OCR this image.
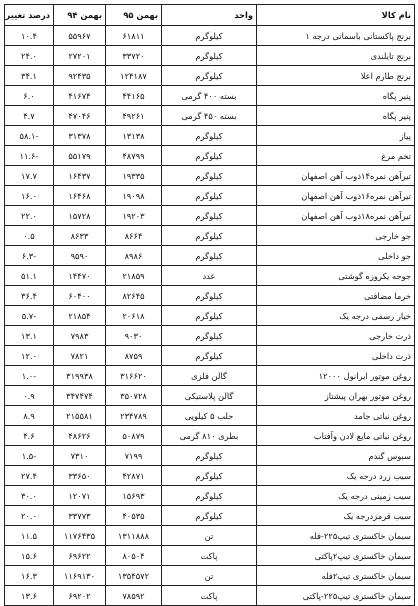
نام کالا	واحد	بهمن ۹۵	بهمن ۹۴	درصد تغییر
برنج پاکستانی باسماتی درجه ۱	کیلوگرم	۶۱۸۱۱	۵۵۹۶۷	۱۰.۴
برنج تایلندی	کیلوگرم	۳۳۷۲۰	۲۷۲۰۱	۲۴.۰
برنج طارم اعلا	کیلوگرم	۱۲۴۱۸۷	۹۲۴۳۵	۳۴.۱
پنیر پگاه	بسته ۴۰۰ گرمی	۴۴۱۶۵	۴۱۶۷۴	۶.۰
پنیر پگاه	بسته ۴۵۰ گرمی	۴۹۲۶۱	۴۷۰۴۶	۴.۷
پیاز	کیلوگرم	۱۳۱۳۸	۳۱۳۷۸	-۵۸.۱
تخم مرغ	کیلوگرم	۴۸۷۹۹	۵۵۱۷۹	-۱۱.۶
تیرآهن نمره۱۴ذوب آهن اصفهان	کیلوگرم	۱۹۳۳۵	۱۶۴۳۷	۱۷.۷
تیرآهن نمره۱۶ذوب آهن اصفهان	کیلوگرم	۱۹۰۹۸	۱۶۴۶۸	۱۶.۰
تیرآهن نمره۱۸ذوب آهن اصفهان	کیلوگرم	۱۹۲۰۳	۱۵۷۲۸	۲۲.۰
جو خارجی	کیلوگرم	۸۶۶۴	۸۶۳۳	۰.۵
جو داخلی	کیلوگرم	۸۹۸۶	۹۵۹۰	-۶.۳
جوجه یکروزه گوشتی	عدد	۲۱۸۵۹	۱۴۴۷۰	۵۱.۱
خرما مضافتی	کیلوگرم	۸۲۶۴۵	۶۰۴۰۰	۳۶.۴
خیار رسمی درجه یک	کیلوگرم	۲۰۶۱۸	۲۱۸۵۴	-۵.۷
ذرت خارجی	کیلوگرم	۹۰۳۰	۷۹۸۳	۱۳.۱
ذرت داخلی	کیلوگرم	۸۷۵۹	۷۸۲۱	۱۲.۰
روغن موتور ایرانول ۱۲۰۰۰	گالن فلزی	۳۱۶۶۲۰	۳۱۹۹۳۸	-۱.۰
روغن موتور بهران پیشتاز	گالن پلاستیکی	۳۵۰۷۲۸	۳۴۷۴۷۴	۰.۹
روغن نباتی جامد	حلب ۵ کیلویی	۲۳۴۷۸۹	۲۱۵۵۸۱	۸.۹
روغن نباتی مایع لادن وآفتاب	بطری ۸۱۰ گرمی	۵۰۸۷۹	۴۸۶۲۶	۴.۶
سبوس گندم	کیلوگرم	۷۱۹۹	۷۳۱۰	-۱.۵
سیب زرد درجه یک	کیلوگرم	۴۲۸۷۱	۳۳۶۵۰	۲۷.۴
سیب زمینی درجه یک	کیلوگرم	۱۵۶۹۳	۱۲۰۷۱	۳۰.۰
سیب قرمزدرجه یک	کیلوگرم	۴۰۵۳۵	۳۳۷۷۳	۲۰.۰
سیمان خاکستری تیپ۲۲۵-فله	تن	۱۳۱۱۸۸۸	۱۱۷۶۴۳۵	۱۱.۵
سیمان خاکستری تیپ۲پاکتی	پاکت	۸۰۵۰۴	۶۹۶۲۲	۱۵.۶
سیمان خاکستری تیپ۲فله	تن	۱۳۵۴۵۷۲	۱۱۶۹۱۳۰	۱۶.۳
سیمان خاکستری تیپ۲۲۵-پاکتی	پاکت	۷۸۵۹۲	۶۹۲۰۲	۱۳.۶
